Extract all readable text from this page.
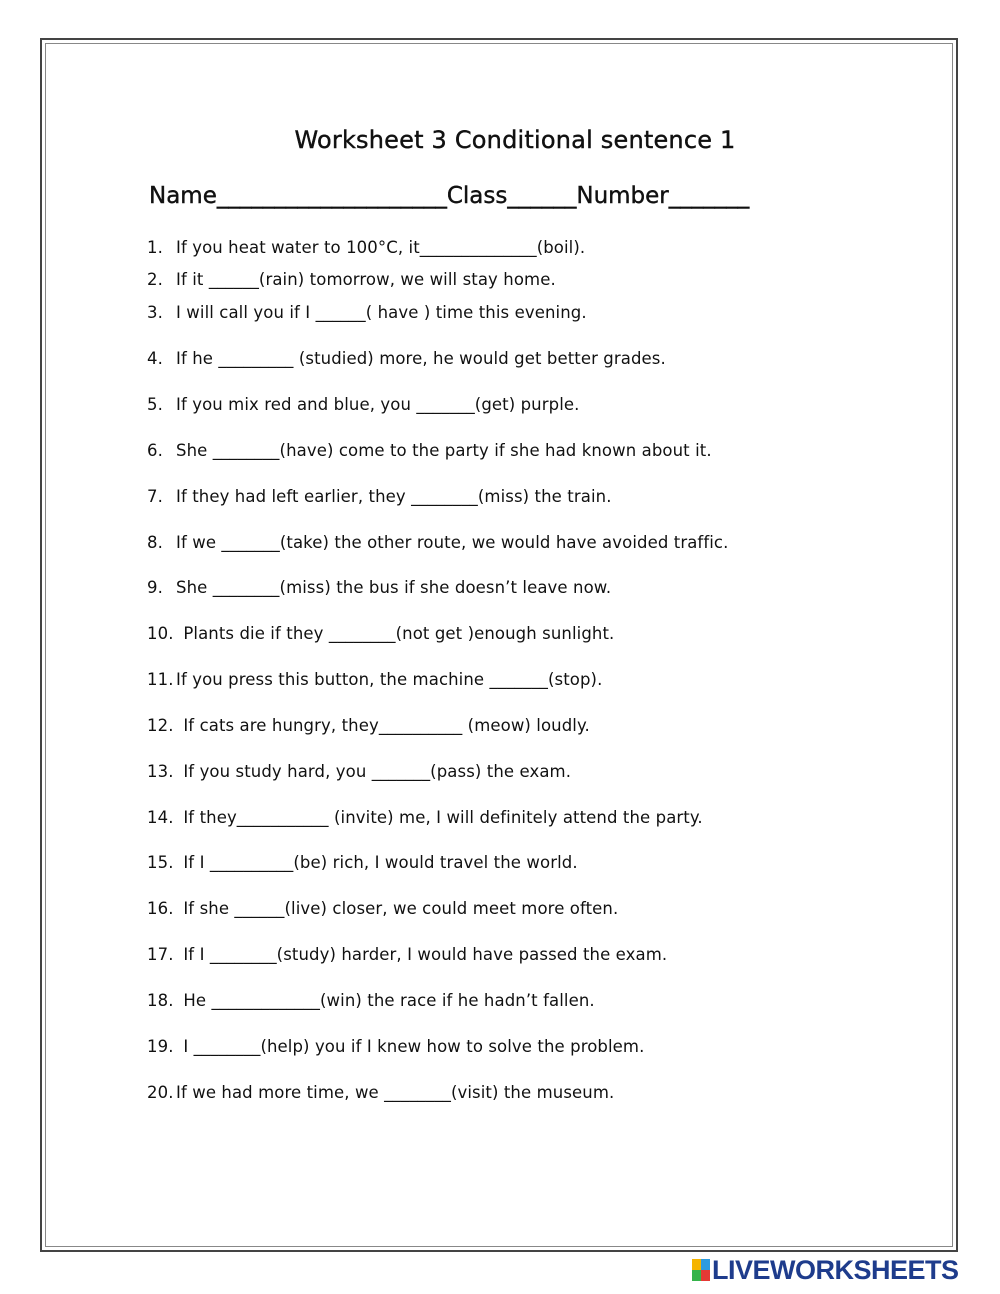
Worksheet 3 Conditional sentence 1
Name____________________Class______Number_______
1. If you heat water to 100°C, it______________(boil).
2. If it ______(rain) tomorrow, we will stay home.
3. I will call you if I ______( have ) time this evening.
4. If he _________ (studied) more, he would get better grades.
5. If you mix red and blue, you _______(get) purple.
6. She ________(have) come to the party if she had known about it.
7. If they had left earlier, they ________(miss) the train.
8. If we _______(take) the other route, we would have avoided traffic.
9. She ________(miss) the bus if she doesn’t leave now.
10. Plants die if they ________(not get )enough sunlight.
11. If you press this button, the machine _______(stop).
12. If cats are hungry, they__________ (meow) loudly.
13. If you study hard, you _______(pass) the exam.
14. If they___________ (invite) me, I will definitely attend the party.
15. If I __________(be) rich, I would travel the world.
16. If she ______(live) closer, we could meet more often.
17. If I ________(study) harder, I would have passed the exam.
18. He _____________(win) the race if he hadn’t fallen.
19. I ________(help) you if I knew how to solve the problem.
20. If we had more time, we ________(visit) the museum.
LIVEWORKSHEETS
